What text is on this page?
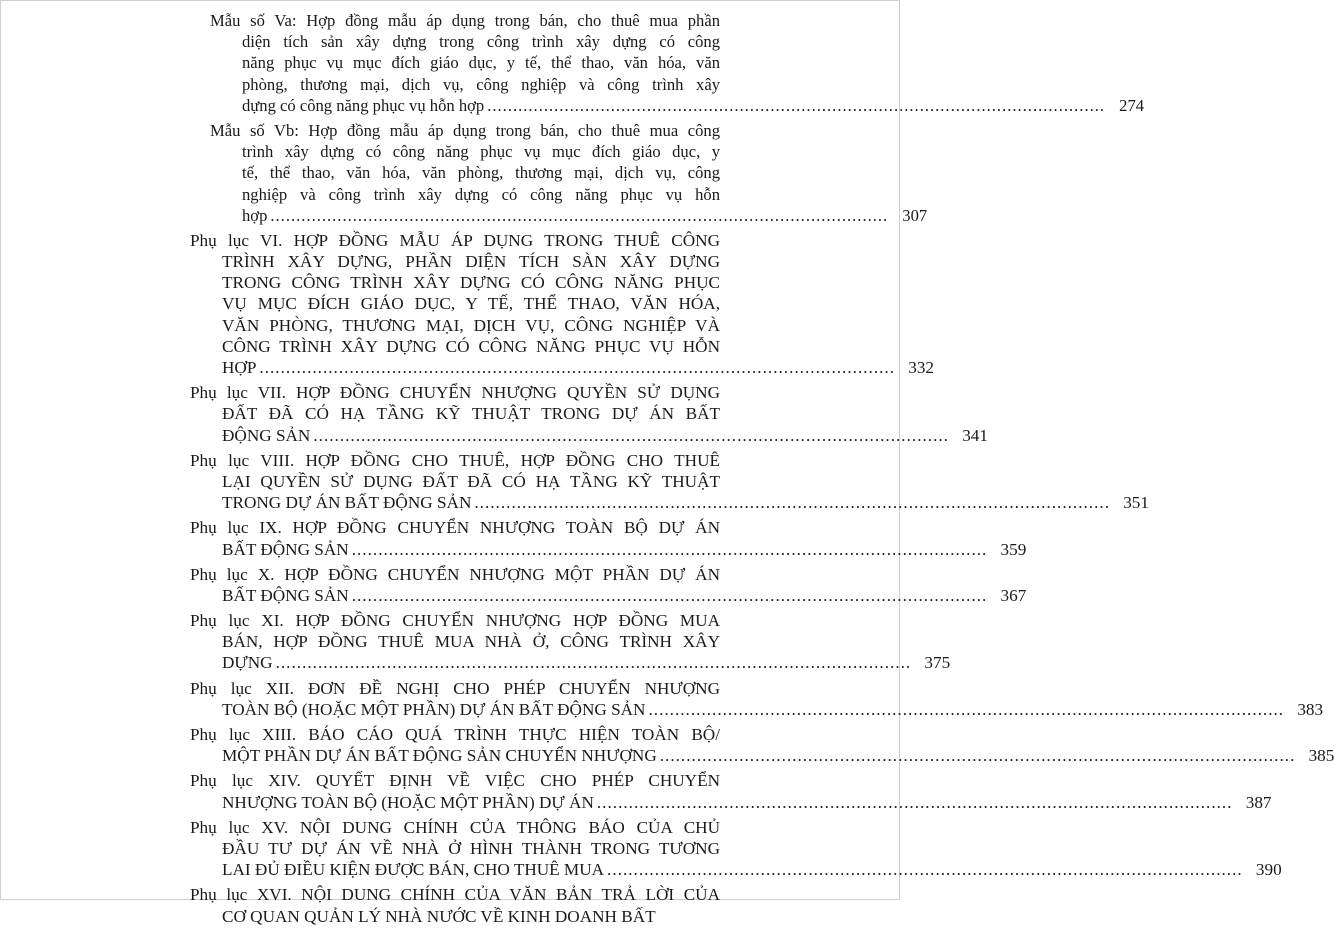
Mẫu số Va: Hợp đồng mẫu áp dụng trong bán, cho thuê mua phần
diện tích sản xây dựng trong công trình xây dựng có công
năng phục vụ mục đích giáo dục, y tế, thể thao, văn hóa, văn
phòng, thương mại, dịch vụ, công nghiệp và công trình xây
dựng có công năng phục vụ hỗn hợp ........................................................................................................................ 274
Mẫu số Vb: Hợp đồng mẫu áp dụng trong bán, cho thuê mua công
trình xây dựng có công năng phục vụ mục đích giáo dục, y
tế, thể thao, văn hóa, văn phòng, thương mại, dịch vụ, công
nghiệp và công trình xây dựng có công năng phục vụ hỗn
hợp ........................................................................................................................ 307
Phụ lục VI. HỢP ĐỒNG MẪU ÁP DỤNG TRONG THUÊ CÔNG
TRÌNH XÂY DỰNG, PHẦN DIỆN TÍCH SÀN XÂY DỰNG
TRONG CÔNG TRÌNH XÂY DỰNG CÓ CÔNG NĂNG PHỤC
VỤ MỤC ĐÍCH GIÁO DỤC, Y TẾ, THỂ THAO, VĂN HÓA,
VĂN PHÒNG, THƯƠNG MẠI, DỊCH VỤ, CÔNG NGHIỆP VÀ
CÔNG TRÌNH XÂY DỰNG CÓ CÔNG NĂNG PHỤC VỤ HỖN
HỢP ........................................................................................................................ 332
Phụ lục VII. HỢP ĐỒNG CHUYỂN NHƯỢNG QUYỀN SỬ DỤNG
ĐẤT ĐÃ CÓ HẠ TẦNG KỸ THUẬT TRONG DỰ ÁN BẤT
ĐỘNG SẢN ........................................................................................................................ 341
Phụ lục VIII. HỢP ĐỒNG CHO THUÊ, HỢP ĐỒNG CHO THUÊ
LẠI QUYỀN SỬ DỤNG ĐẤT ĐÃ CÓ HẠ TẦNG KỸ THUẬT
TRONG DỰ ÁN BẤT ĐỘNG SẢN ........................................................................................................................ 351
Phụ lục IX. HỢP ĐỒNG CHUYỂN NHƯỢNG TOÀN BỘ DỰ ÁN
BẤT ĐỘNG SẢN ........................................................................................................................ 359
Phụ lục X. HỢP ĐỒNG CHUYỂN NHƯỢNG MỘT PHẦN DỰ ÁN
BẤT ĐỘNG SẢN ........................................................................................................................ 367
Phụ lục XI. HỢP ĐỒNG CHUYỂN NHƯỢNG HỢP ĐỒNG MUA
BÁN, HỢP ĐỒNG THUÊ MUA NHÀ Ở, CÔNG TRÌNH XÂY
DỰNG ........................................................................................................................ 375
Phụ lục XII. ĐƠN ĐỀ NGHỊ CHO PHÉP CHUYỂN NHƯỢNG
TOÀN BỘ (HOẶC MỘT PHẦN) DỰ ÁN BẤT ĐỘNG SẢN ........................................................................................................................ 383
Phụ lục XIII. BÁO CÁO QUÁ TRÌNH THỰC HIỆN TOÀN BỘ/
MỘT PHẦN DỰ ÁN BẤT ĐỘNG SẢN CHUYỂN NHƯỢNG ........................................................................................................................ 385
Phụ lục XIV. QUYẾT ĐỊNH VỀ VIỆC CHO PHÉP CHUYỂN
NHƯỢNG TOÀN BỘ (HOẶC MỘT PHẦN) DỰ ÁN ........................................................................................................................ 387
Phụ lục XV. NỘI DUNG CHÍNH CỦA THÔNG BÁO CỦA CHỦ
ĐẦU TƯ DỰ ÁN VỀ NHÀ Ở HÌNH THÀNH TRONG TƯƠNG
LAI ĐỦ ĐIỀU KIỆN ĐƯỢC BÁN, CHO THUÊ MUA ........................................................................................................................ 390
Phụ lục XVI. NỘI DUNG CHÍNH CỦA VĂN BẢN TRẢ LỜI CỦA
CƠ QUAN QUẢN LÝ NHÀ NƯỚC VỀ KINH DOANH BẤT
